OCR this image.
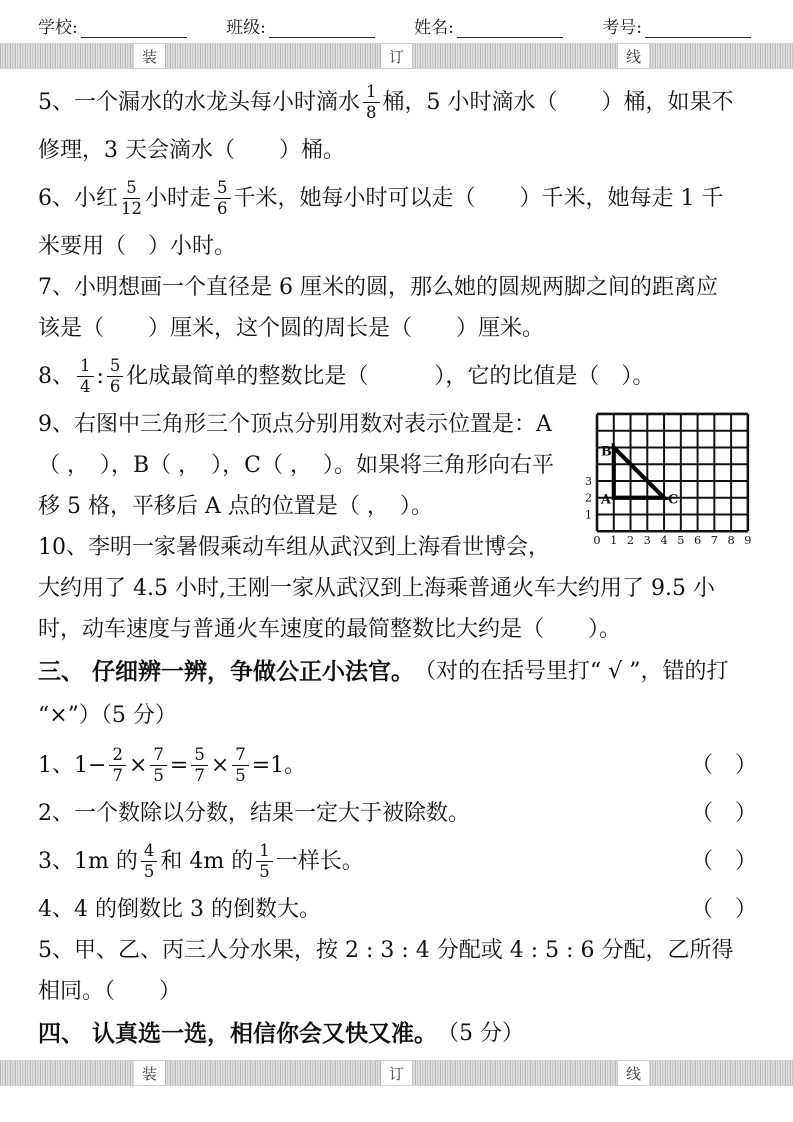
学校:	班级:	姓名:	考号:
装	订	线
5、一个漏水的水龙头每小时滴水 $\frac{1}{8}$ 桶，5 小时滴水（　　）桶，如果不
修理，3 天会滴水（　　）桶。
6、小红 $\frac{5}{12}$ 小时走 $\frac{5}{6}$ 千米，她每小时可以走（　　）千米，她每走 1 千
米要用（　）小时。
7、小明想画一个直径是 6 厘米的圆，那么她的圆规两脚之间的距离应
该是（　　）厘米，这个圆的周长是（　　）厘米。
8、 $\frac{1}{4}$ : $\frac{5}{6}$ 化成最简单的整数比是（　　　），它的比值是（　）。
9、右图中三角形三个顶点分别用数对表示位置是：A
（ ，　），B（ ，　），C（ ，　）。如果将三角形向右平
移 5 格，平移后 A 点的位置是（ ，　）。
10、李明一家暑假乘动车组从武汉到上海看世博会，
大约用了 4.5 小时,王刚一家从武汉到上海乘普通火车大约用了 9.5 小
时，动车速度与普通火车速度的最简整数比大约是（　　）。
三、 仔细辨一辨，争做公正小法官。 （对的在括号里打“ √ ”，错的打
“×”）（5 分）
1、$1- \frac{2}{7} \times \frac{7}{5} = \frac{5}{7} \times \frac{7}{5} =1$。	（　）
2、一个数除以分数，结果一定大于被除数。	（　）
3、1m 的 $\frac{4}{5}$ 和 4m 的 $\frac{1}{5}$ 一样长。	（　）
4、4 的倒数比 3 的倒数大。	（　）
5、甲、乙、丙三人分水果，按 2 : 3 : 4 分配或 4 : 5 : 6 分配，乙所得
相同。（　　）
四、 认真选一选，相信你会又快又准。 （5 分）
0 1 2 3 4 5 6 7 8 9
1
2
3
A
B
C
装	订	线
